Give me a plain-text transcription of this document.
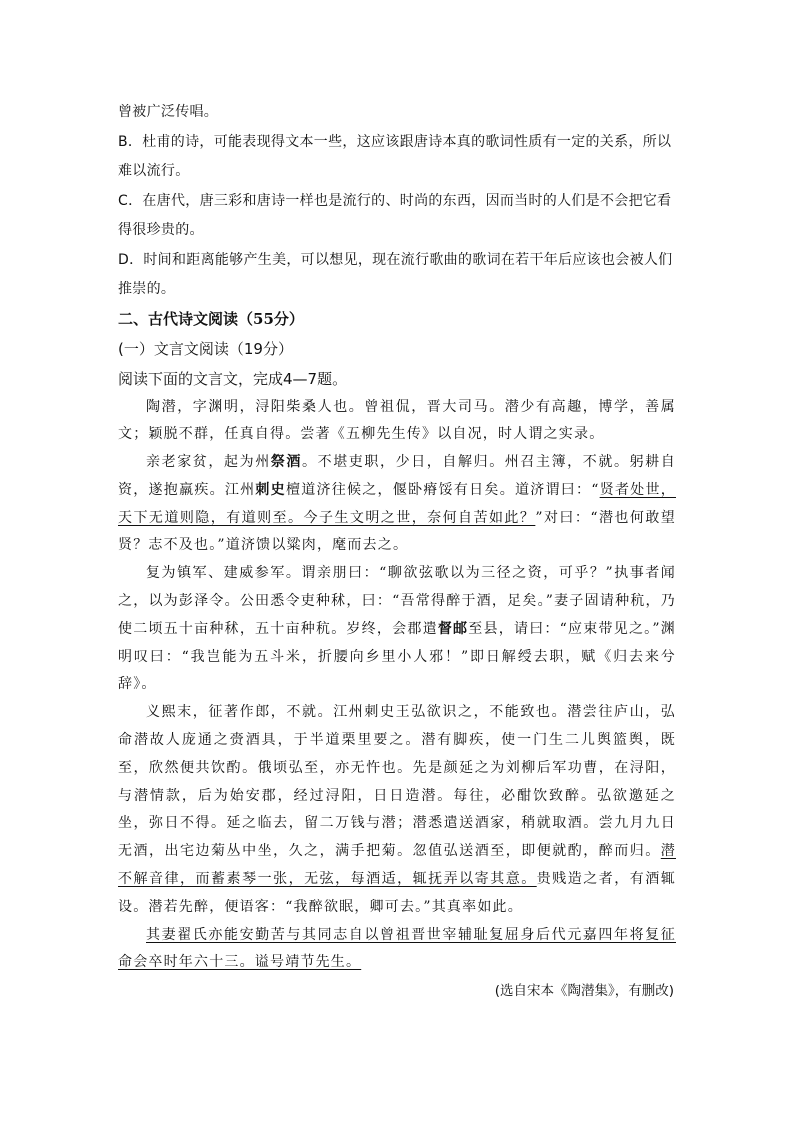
曾被广泛传唱。

B．杜甫的诗，可能表现得文本一些，这应该跟唐诗本真的歌词性质有一定的关系，所以难以流行。

C．在唐代，唐三彩和唐诗一样也是流行的、时尚的东西，因而当时的人们是不会把它看得很珍贵的。

D．时间和距离能够产生美，可以想见，现在流行歌曲的歌词在若干年后应该也会被人们推崇的。

二、古代诗文阅读（55分）

(一）文言文阅读（19分）

阅读下面的文言文，完成4—7题。

陶潜，字渊明，浔阳柴桑人也。曾祖侃，晋大司马。潜少有高趣，博学，善属文；颖脱不群，任真自得。尝著《五柳先生传》以自况，时人谓之实录。

亲老家贫，起为州祭酒。不堪吏职，少日，自解归。州召主簿，不就。躬耕自资，遂抱羸疾。江州刺史檀道济往候之，偃卧瘠馁有日矣。道济谓曰：“贤者处世，天下无道则隐，有道则至。今子生文明之世，奈何自苦如此？”对曰：“潜也何敢望贤？志不及也。”道济馈以粱肉，麾而去之。

复为镇军、建威参军。谓亲朋曰：“聊欲弦歌以为三径之资，可乎？”执事者闻之，以为彭泽令。公田悉令吏种秫，曰：“吾常得醉于酒，足矣。”妻子固请种秔，乃使二顷五十亩种秫，五十亩种秔。岁终，会郡遣督邮至县，请曰：“应束带见之。”渊明叹曰：“我岂能为五斗米，折腰向乡里小人邪！”即日解绶去职，赋《归去来兮辞》。

义熙末，征著作郎，不就。江州刺史王弘欲识之，不能致也。潜尝往庐山，弘命潜故人庞通之赍酒具，于半道栗里要之。潜有脚疾，使一门生二儿舆篮舆，既至，欣然便共饮酌。俄顷弘至，亦无忤也。先是颜延之为刘柳后军功曹，在浔阳，与潜情款，后为始安郡，经过浔阳，日日造潜。每往，必酣饮致醉。弘欲邀延之坐，弥日不得。延之临去，留二万钱与潜；潜悉遣送酒家，稍就取酒。尝九月九日无酒，出宅边菊丛中坐，久之，满手把菊。忽值弘送酒至，即便就酌，醉而归。潜不解音律，而蓄素琴一张，无弦，每酒适，辄抚弄以寄其意。贵贱造之者，有酒辄设。潜若先醉，便语客：“我醉欲眠，卿可去。”其真率如此。

其妻翟氏亦能安勤苦与其同志自以曾祖晋世宰辅耻复屈身后代元嘉四年将复征命会卒时年六十三。谥号靖节先生。

(选自宋本《陶潜集》，有删改)
